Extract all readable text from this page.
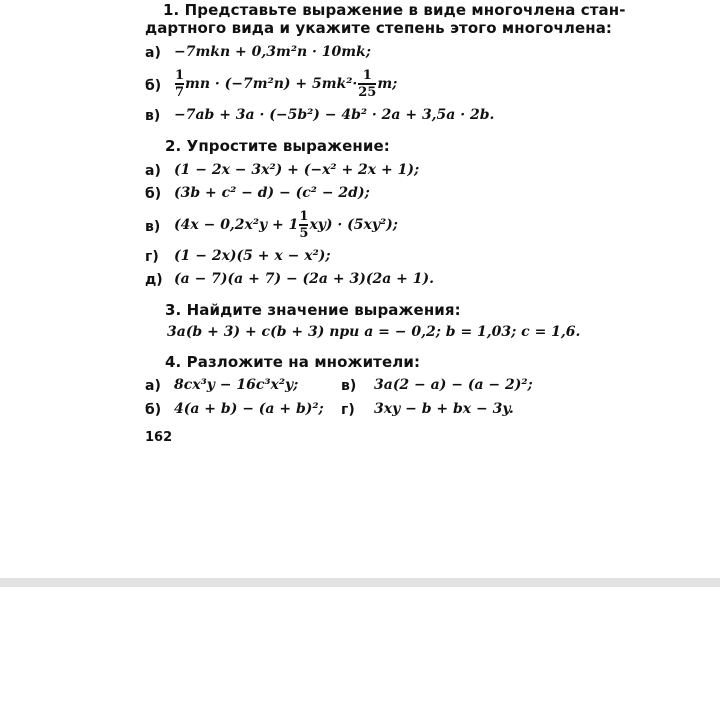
1. Представьте выражение в виде многочлена стан-
дартного вида и укажите степень этого многочлена:
а) −7mkn + 0,3m²n · 10mk;
$б) \frac{1}{7}$ mn · $(-7m^2n) + 5mk^2\cdot \frac{1}{25} m$;
в) −7ab + 3a · (−5b²) − 4b² · 2a + 3,5a · 2b.
2. Упростите выражение:
а) (1 − 2x − 3x²) + (−x² + 2x + 1);
б) (3b + c² − d) − (c² − 2d);
в) $(4x - 0,2x^2y + 1 \frac{1}{5} xy) \cdot (5xy^2)$;
г) (1 − 2x)(5 + x − x²);
д) (a − 7)(a + 7) − (2a + 3)(2a + 1).
3. Найдите значение выражения:
3a(b + 3) + c(b + 3) при a = − 0,2; b = 1,03; c = 1,6.
4. Разложите на множители:
а) 8cx³y − 16c³x²y;	в) 3a(2 − a) − (a − 2)²;
б) 4(a + b) − (a + b)²; г) 3xy − b + bx − 3y.
162
